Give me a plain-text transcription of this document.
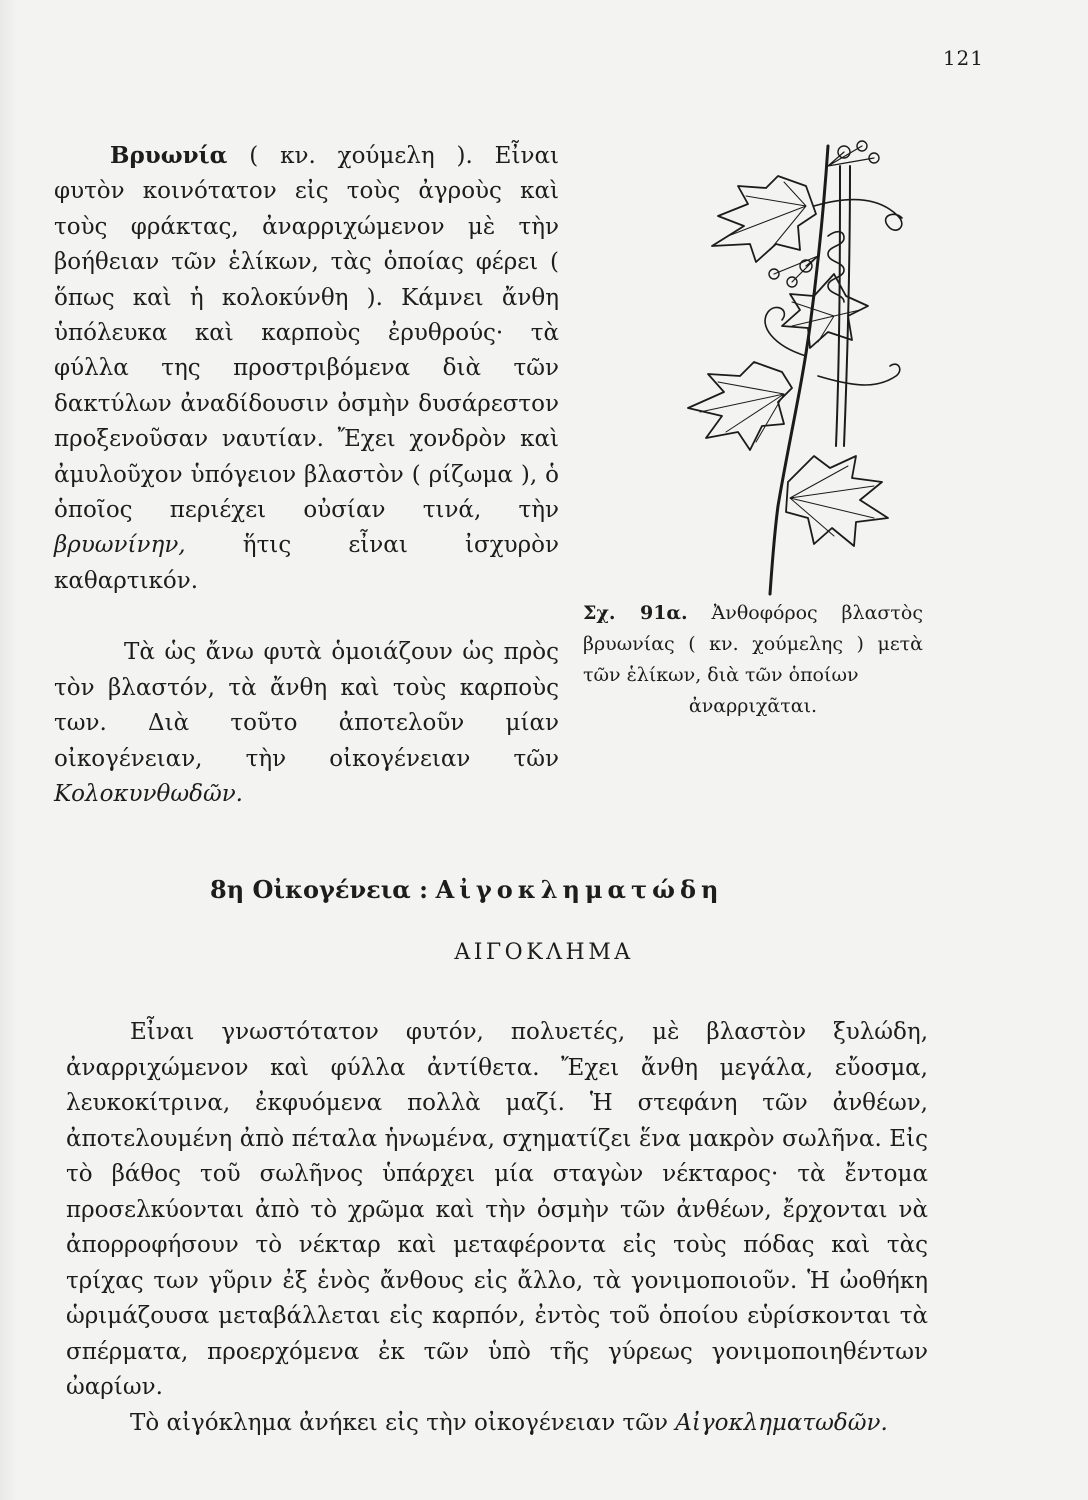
121

Βρυωνία ( κν. χούμελη ). Εἶναι φυτὸν κοινότατον εἰς τοὺς ἀγροὺς καὶ τοὺς φράκτας, ἀναρριχώμενον μὲ τὴν βοήθειαν τῶν ἑλίκων, τὰς ὁποίας φέρει ( ὅπως καὶ ἡ κολοκύνθη ). Κάμνει ἄνθη ὑπόλευκα καὶ καρποὺς ἐρυθρούς· τὰ φύλλα της προστριβόμενα διὰ τῶν δακτύλων ἀναδίδουσιν ὀσμὴν δυσάρεστον προξενοῦσαν ναυτίαν. Ἔχει χονδρὸν καὶ ἀμυλοῦχον ὑπόγειον βλαστὸν ( ρίζωμα ), ὁ ὁποῖος περιέχει οὐσίαν τινά, τὴν βρυωνίνην, ἥτις εἶναι ἰσχυρὸν καθαρτικόν.

Τὰ ὡς ἄνω φυτὰ ὁμοιάζουν ὡς πρὸς τὸν βλαστόν, τὰ ἄνθη καὶ τοὺς καρποὺς των. Διὰ τοῦτο ἀποτελοῦν μίαν οἰκογένειαν, τὴν οἰκογένειαν τῶν Κολοκυνθωδῶν.

Σχ. 91α. Ἀνθοφόρος βλαστὸς βρυωνίας ( κν. χούμελης ) μετὰ τῶν ἑλίκων, διὰ τῶν ὁποίων
ἀναρριχᾶται.
8η Οἰκογένεια : Αἰγοκληματώδη
ΑΙΓΟΚΛΗΜΑ

Εἶναι γνωστότατον φυτόν, πολυετές, μὲ βλαστὸν ξυλώδη, ἀναρριχώμενον καὶ φύλλα ἀντίθετα. Ἔχει ἄνθη μεγάλα, εὔοσμα, λευκοκίτρινα, ἐκφυόμενα πολλὰ μαζί. Ἡ στεφάνη τῶν ἀνθέων, ἀποτελουμένη ἀπὸ πέταλα ἡνωμένα, σχηματίζει ἕνα μακρὸν σωλῆνα. Εἰς τὸ βάθος τοῦ σωλῆνος ὑπάρχει μία σταγὼν νέκταρος· τὰ ἔντομα προσελκύονται ἀπὸ τὸ χρῶμα καὶ τὴν ὀσμὴν τῶν ἀνθέων, ἔρχονται νὰ ἀπορροφήσουν τὸ νέκταρ καὶ μεταφέροντα εἰς τοὺς πόδας καὶ τὰς τρίχας των γῦριν ἐξ ἑνὸς ἄνθους εἰς ἄλλο, τὰ γονιμοποιοῦν. Ἡ ὠοθήκη ὡριμάζουσα μεταβάλλεται εἰς καρπόν, ἐντὸς τοῦ ὁποίου εὑρίσκονται τὰ σπέρματα, προερχόμενα ἐκ τῶν ὑπὸ τῆς γύρεως γονιμοποιηθέντων ὠαρίων.

Τὸ αἰγόκλημα ἀνήκει εἰς τὴν οἰκογένειαν τῶν Αἰγοκληματωδῶν.
